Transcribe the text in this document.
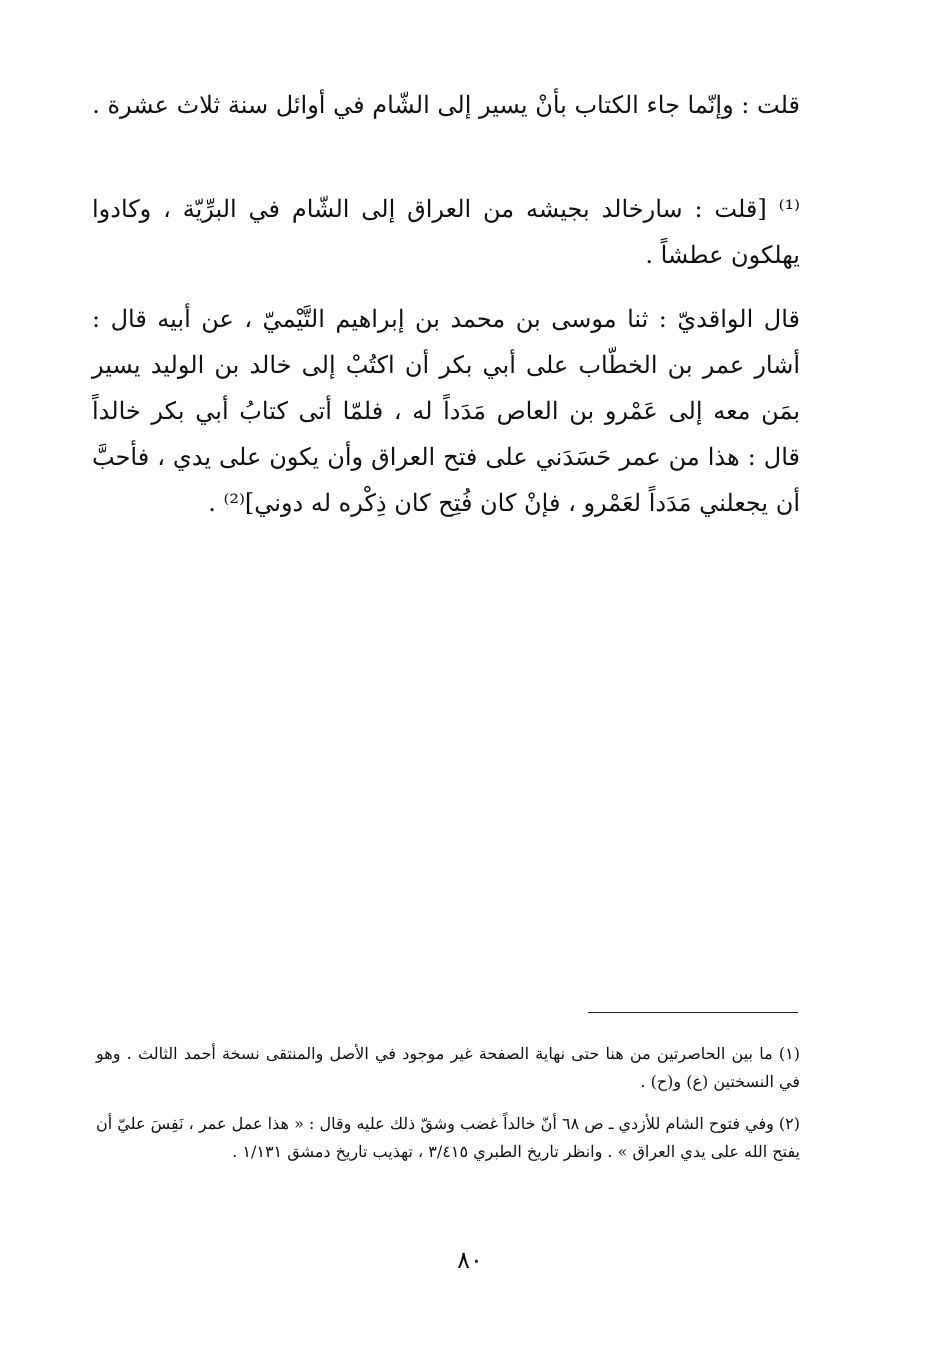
قلت : وإنّما جاء الكتاب بأنْ يسير إلى الشّام في أوائل سنة ثلاث عشرة .

⁽¹⁾ [قلت : سارخالد بجيشه من العراق إلى الشّام في البرِّيّة ، وكادوا يهلكون عطشاً .

قال الواقديّ : ثنا موسى بن محمد بن إبراهيم التَّيْميّ ، عن أبيه قال : أشار عمر بن الخطّاب على أبي بكر أن اكتُبْ إلى خالد بن الوليد يسير بمَن معه إلى عَمْرو بن العاص مَدَداً له ، فلمّا أتى كتابُ أبي بكر خالداً قال : هذا من عمر حَسَدَني على فتح العراق وأن يكون على يدي ، فأحبَّ أن يجعلني مَدَداً لعَمْرو ، فإنْ كان فُتِح كان ذِكْره له دوني]⁽²⁾ .

(١) ما بين الحاصرتين من هنا حتى نهاية الصفحة غير موجود في الأصل والمنتقى نسخة أحمد الثالث . وهو في النسختين (ع) و(ح) .

(٢) وفي فتوح الشام للأزدي ـ ص ٦٨ أنّ خالداً غضب وشقّ ذلك عليه وقال : « هذا عمل عمر ، نَفِسَ عليّ أن يفتح الله على يدي العراق » . وانظر تاريخ الطبري ٣/٤١٥ ، تهذيب تاريخ دمشق ١/١٣١ .

٨٠
